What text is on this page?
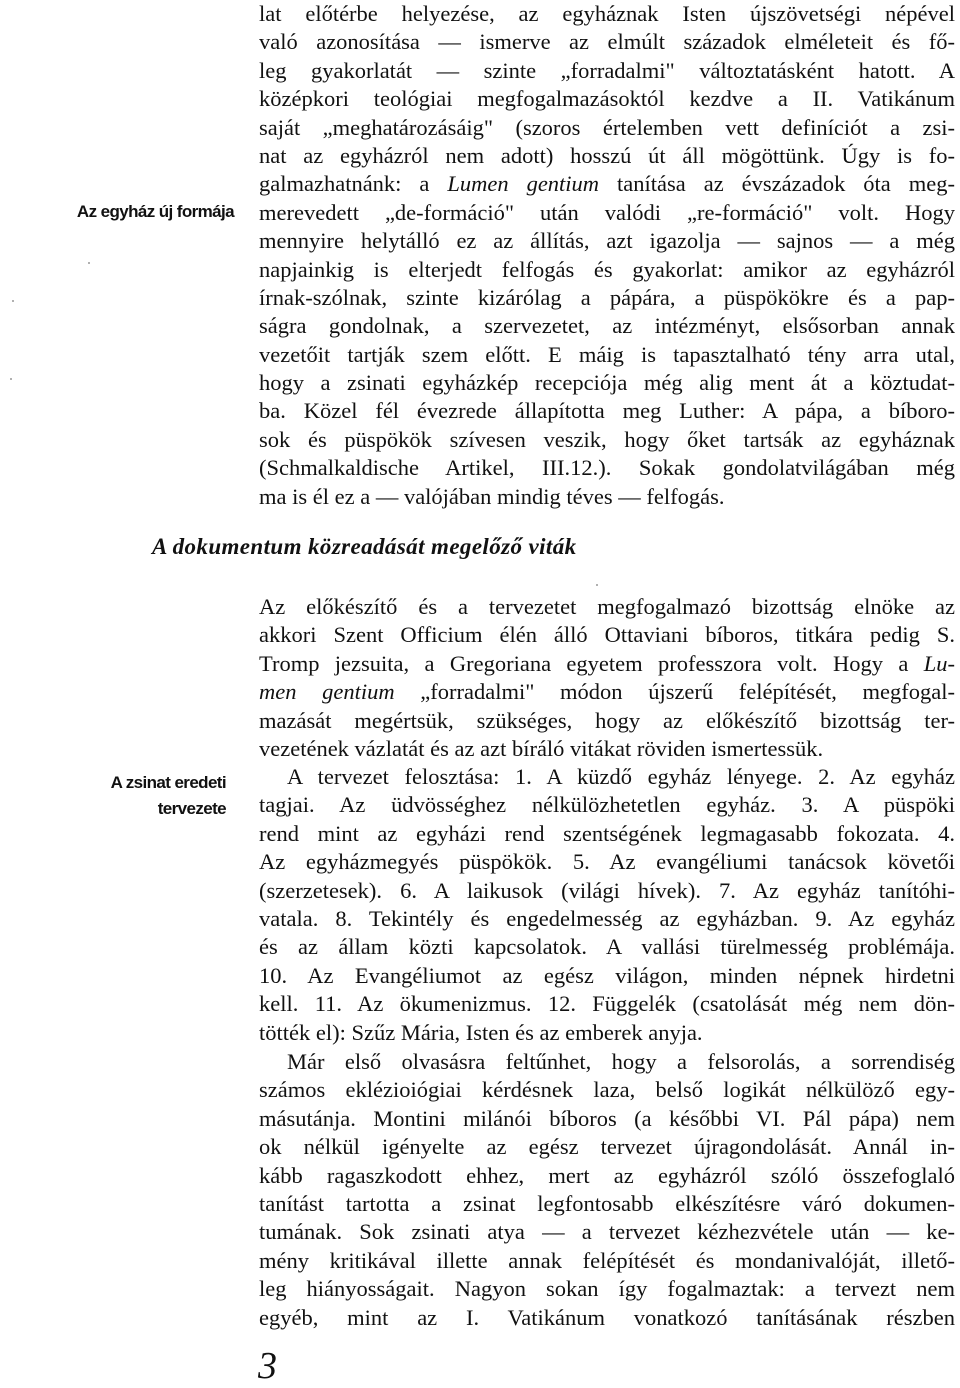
Az egyház új formája
lat előtérbe helyezése, az egyháznak Isten újszövetségi népével
való azonosítása — ismerve az elmúlt századok elméleteit és fő-
leg gyakorlatát — szinte „forradalmi" változtatásként hatott. A
középkori teológiai megfogalmazásoktól kezdve a II. Vatikánum
saját „meghatározásáig" (szoros értelemben vett definíciót a zsi-
nat az egyházról nem adott) hosszú út áll mögöttünk. Úgy is fo-
galmazhatnánk: a Lumen gentium tanítása az évszázadok óta meg-
merevedett „de-formáció" után valódi „re-formáció" volt. Hogy
mennyire helytálló ez az állítás, azt igazolja — sajnos — a még
napjainkig is elterjedt felfogás és gyakorlat: amikor az egyházról
írnak-szólnak, szinte kizárólag a pápára, a püspökökre és a pap-
ságra gondolnak, a szervezetet, az intézményt, elsősorban annak
vezetőit tartják szem előtt. E máig is tapasztalható tény arra utal,
hogy a zsinati egyházkép recepciója még alig ment át a köztudat-
ba. Közel fél évezrede állapította meg Luther: A pápa, a bíboro-
sok és püspökök szívesen veszik, hogy őket tartsák az egyháznak
(Schmalkaldische Artikel, III.12.). Sokak gondolatvilágában még
ma is él ez a — valójában mindig téves — felfogás.
A dokumentum közreadását megelőző viták
Az előkészítő és a tervezetet megfogalmazó bizottság elnöke az
akkori Szent Officium élén álló Ottaviani bíboros, titkára pedig S.
Tromp jezsuita, a Gregoriana egyetem professzora volt. Hogy a Lu-
men gentium „forradalmi" módon újszerű felépítését, megfogal-
mazását megértsük, szükséges, hogy az előkészítő bizottság ter-
vezetének vázlatát és az azt bíráló vitákat röviden ismertessük.
A zsinat eredeti
tervezete
A tervezet felosztása: 1. A küzdő egyház lényege. 2. Az egyház
tagjai. Az üdvösséghez nélkülözhetetlen egyház. 3. A püspöki
rend mint az egyházi rend szentségének legmagasabb fokozata. 4.
Az egyházmegyés püspökök. 5. Az evangéliumi tanácsok követői
(szerzetesek). 6. A laikusok (világi hívek). 7. Az egyház tanítóhi-
vatala. 8. Tekintély és engedelmesség az egyházban. 9. Az egyház
és az állam közti kapcsolatok. A vallási türelmesség problémája.
10. Az Evangéliumot az egész világon, minden népnek hirdetni
kell. 11. Az ökumenizmus. 12. Függelék (csatolását még nem dön-
tötték el): Szűz Mária, Isten és az emberek anyja.
Már első olvasásra feltűnhet, hogy a felsorolás, a sorrendiség
számos eklézioiógiai kérdésnek laza, belső logikát nélkülöző egy-
másutánja. Montini milánói bíboros (a későbbi VI. Pál pápa) nem
ok nélkül igényelte az egész tervezet újragondolását. Annál in-
kább ragaszkodott ehhez, mert az egyházról szóló összefoglaló
tanítást tartotta a zsinat legfontosabb elkészítésre váró dokumen-
tumának. Sok zsinati atya — a tervezet kézhezvétele után — ke-
mény kritikával illette annak felépítését és mondanivalóját, illető-
leg hiányosságait. Nagyon sokan így fogalmaztak: a tervezt nem
egyéb, mint az I. Vatikánum vonatkozó tanításának részben
3
